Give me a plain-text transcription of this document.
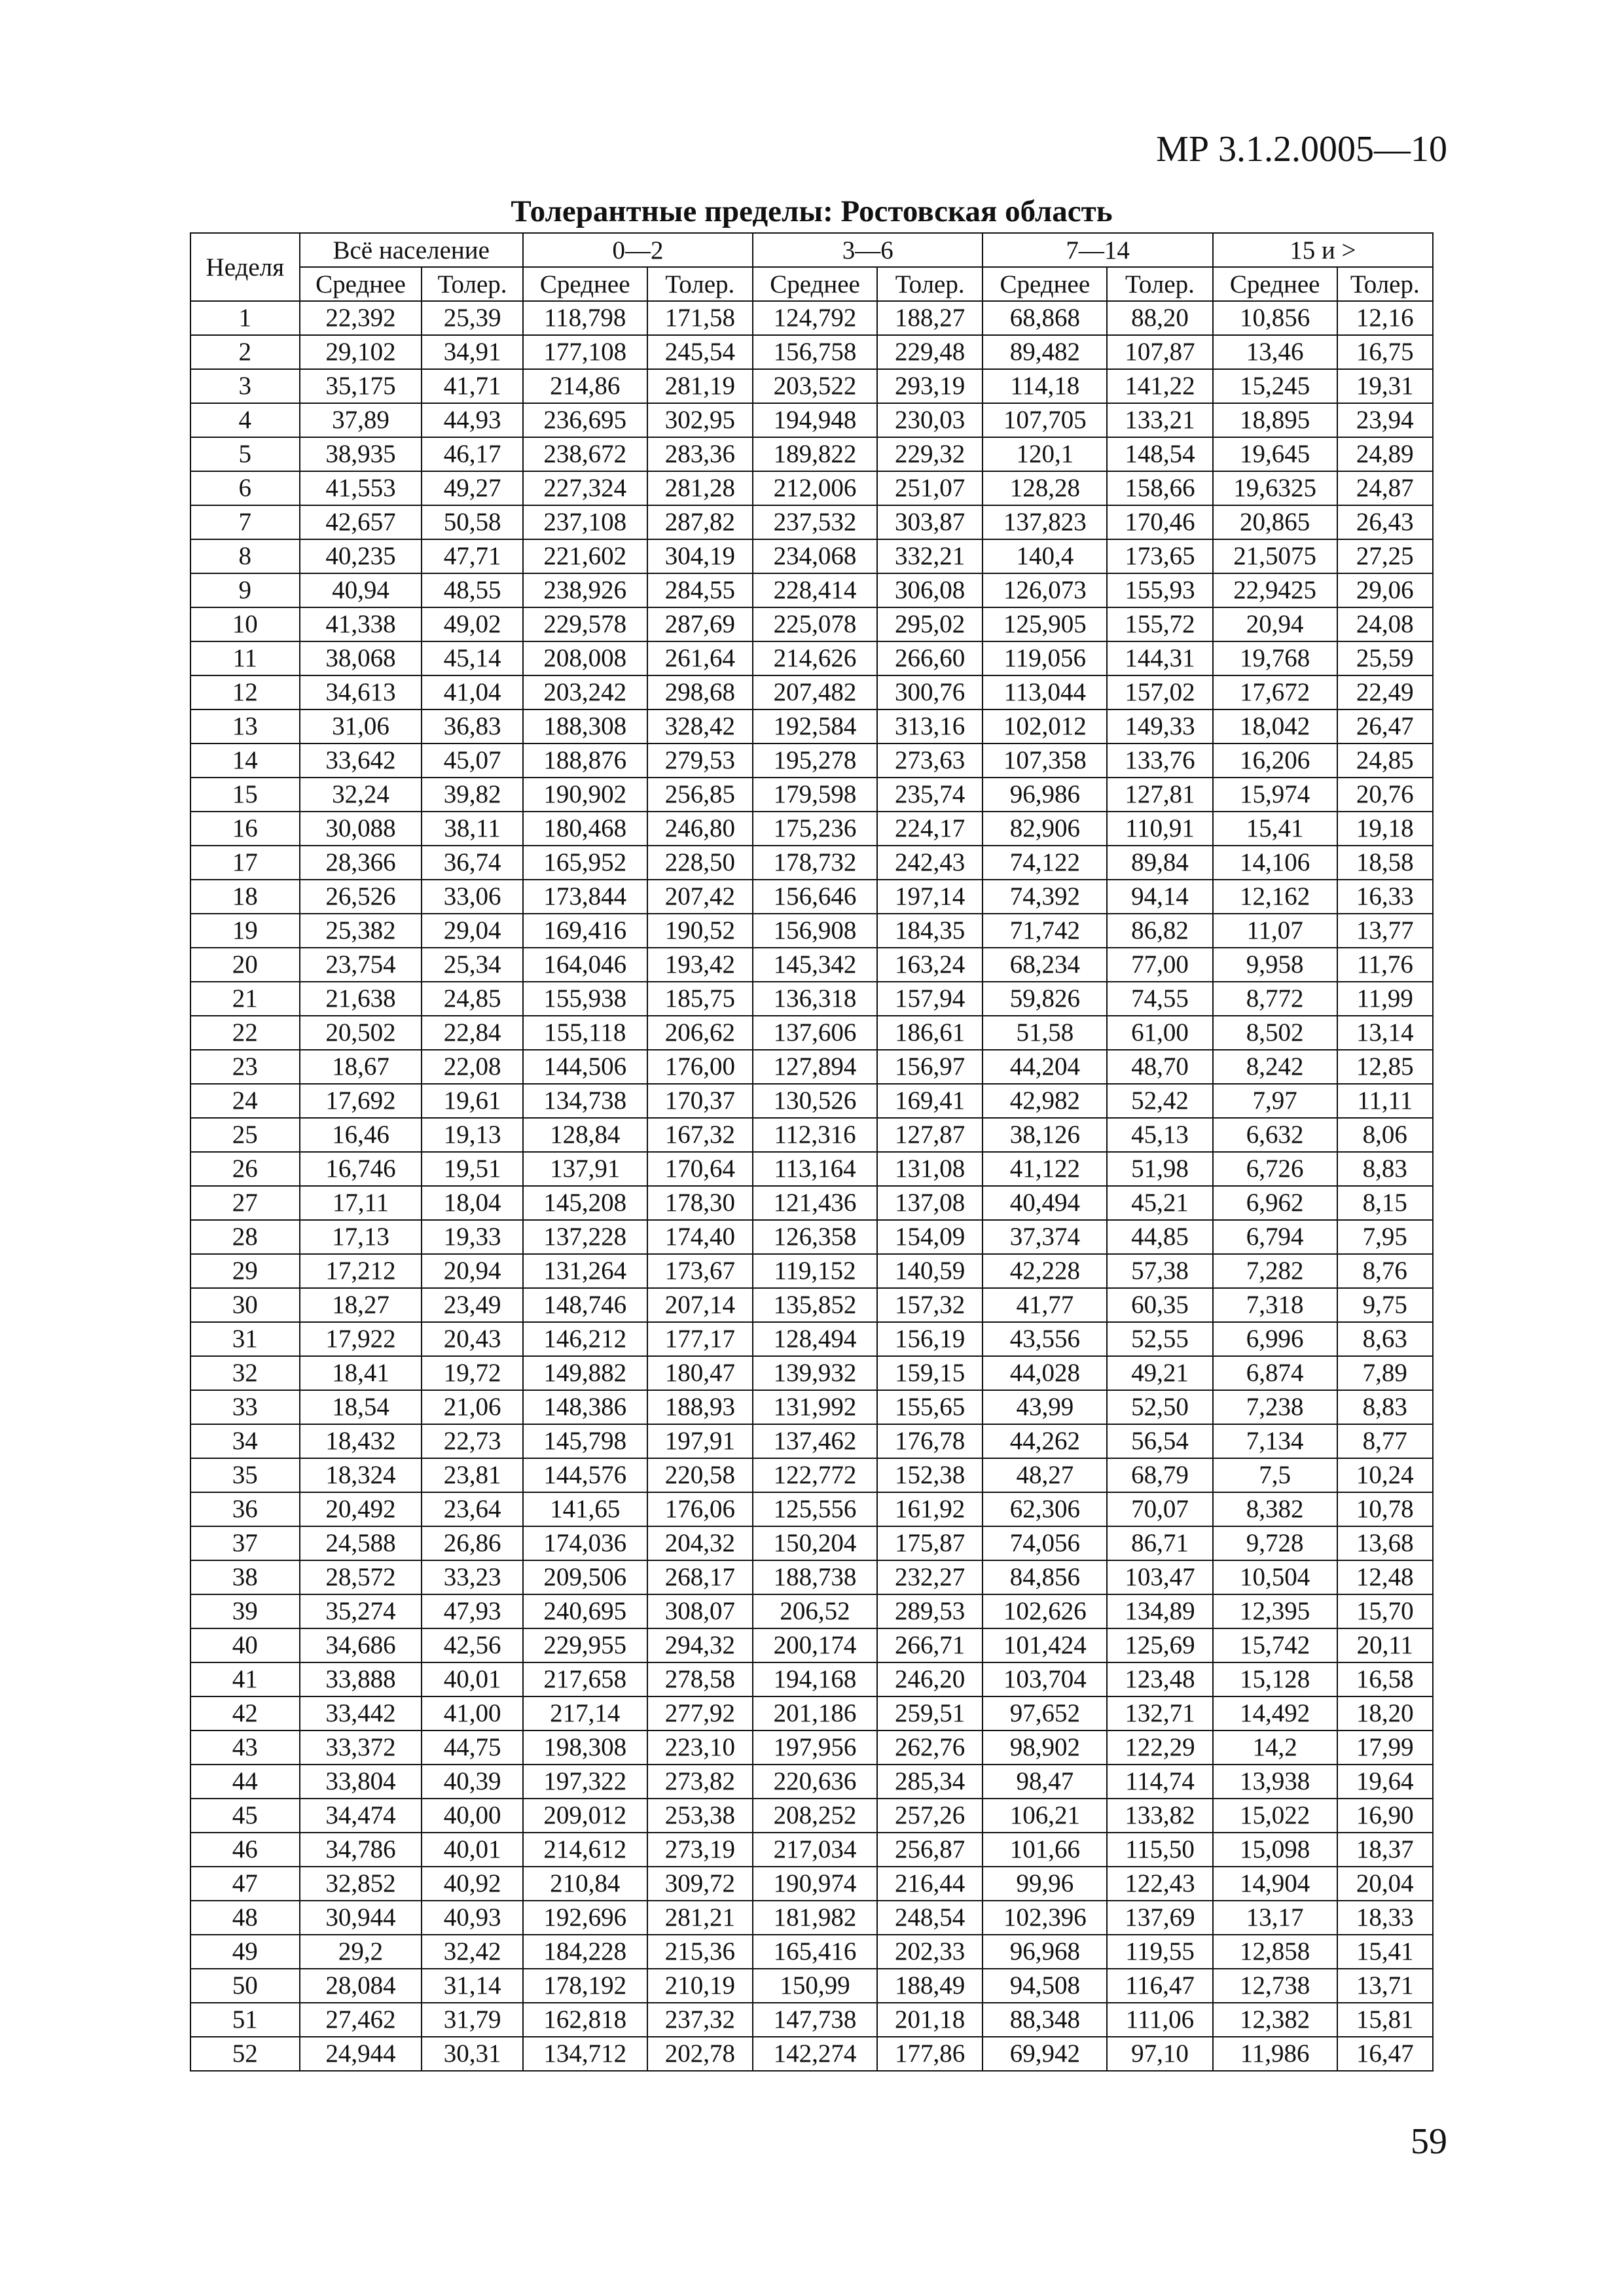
МР 3.1.2.0005—10
Толерантные пределы: Ростовская область
Неделя	Всё население		0—2		3—6		7—14		15 и >	
	Среднее	Толер.	Среднее	Толер.	Среднее	Толер.	Среднее	Толер.	Среднее	Толер.
1	22,392	25,39	118,798	171,58	124,792	188,27	68,868	88,20	10,856	12,16
2	29,102	34,91	177,108	245,54	156,758	229,48	89,482	107,87	13,46	16,75
3	35,175	41,71	214,86	281,19	203,522	293,19	114,18	141,22	15,245	19,31
4	37,89	44,93	236,695	302,95	194,948	230,03	107,705	133,21	18,895	23,94
5	38,935	46,17	238,672	283,36	189,822	229,32	120,1	148,54	19,645	24,89
6	41,553	49,27	227,324	281,28	212,006	251,07	128,28	158,66	19,6325	24,87
7	42,657	50,58	237,108	287,82	237,532	303,87	137,823	170,46	20,865	26,43
8	40,235	47,71	221,602	304,19	234,068	332,21	140,4	173,65	21,5075	27,25
9	40,94	48,55	238,926	284,55	228,414	306,08	126,073	155,93	22,9425	29,06
10	41,338	49,02	229,578	287,69	225,078	295,02	125,905	155,72	20,94	24,08
11	38,068	45,14	208,008	261,64	214,626	266,60	119,056	144,31	19,768	25,59
12	34,613	41,04	203,242	298,68	207,482	300,76	113,044	157,02	17,672	22,49
13	31,06	36,83	188,308	328,42	192,584	313,16	102,012	149,33	18,042	26,47
14	33,642	45,07	188,876	279,53	195,278	273,63	107,358	133,76	16,206	24,85
15	32,24	39,82	190,902	256,85	179,598	235,74	96,986	127,81	15,974	20,76
16	30,088	38,11	180,468	246,80	175,236	224,17	82,906	110,91	15,41	19,18
17	28,366	36,74	165,952	228,50	178,732	242,43	74,122	89,84	14,106	18,58
18	26,526	33,06	173,844	207,42	156,646	197,14	74,392	94,14	12,162	16,33
19	25,382	29,04	169,416	190,52	156,908	184,35	71,742	86,82	11,07	13,77
20	23,754	25,34	164,046	193,42	145,342	163,24	68,234	77,00	9,958	11,76
21	21,638	24,85	155,938	185,75	136,318	157,94	59,826	74,55	8,772	11,99
22	20,502	22,84	155,118	206,62	137,606	186,61	51,58	61,00	8,502	13,14
23	18,67	22,08	144,506	176,00	127,894	156,97	44,204	48,70	8,242	12,85
24	17,692	19,61	134,738	170,37	130,526	169,41	42,982	52,42	7,97	11,11
25	16,46	19,13	128,84	167,32	112,316	127,87	38,126	45,13	6,632	8,06
26	16,746	19,51	137,91	170,64	113,164	131,08	41,122	51,98	6,726	8,83
27	17,11	18,04	145,208	178,30	121,436	137,08	40,494	45,21	6,962	8,15
28	17,13	19,33	137,228	174,40	126,358	154,09	37,374	44,85	6,794	7,95
29	17,212	20,94	131,264	173,67	119,152	140,59	42,228	57,38	7,282	8,76
30	18,27	23,49	148,746	207,14	135,852	157,32	41,77	60,35	7,318	9,75
31	17,922	20,43	146,212	177,17	128,494	156,19	43,556	52,55	6,996	8,63
32	18,41	19,72	149,882	180,47	139,932	159,15	44,028	49,21	6,874	7,89
33	18,54	21,06	148,386	188,93	131,992	155,65	43,99	52,50	7,238	8,83
34	18,432	22,73	145,798	197,91	137,462	176,78	44,262	56,54	7,134	8,77
35	18,324	23,81	144,576	220,58	122,772	152,38	48,27	68,79	7,5	10,24
36	20,492	23,64	141,65	176,06	125,556	161,92	62,306	70,07	8,382	10,78
37	24,588	26,86	174,036	204,32	150,204	175,87	74,056	86,71	9,728	13,68
38	28,572	33,23	209,506	268,17	188,738	232,27	84,856	103,47	10,504	12,48
39	35,274	47,93	240,695	308,07	206,52	289,53	102,626	134,89	12,395	15,70
40	34,686	42,56	229,955	294,32	200,174	266,71	101,424	125,69	15,742	20,11
41	33,888	40,01	217,658	278,58	194,168	246,20	103,704	123,48	15,128	16,58
42	33,442	41,00	217,14	277,92	201,186	259,51	97,652	132,71	14,492	18,20
43	33,372	44,75	198,308	223,10	197,956	262,76	98,902	122,29	14,2	17,99
44	33,804	40,39	197,322	273,82	220,636	285,34	98,47	114,74	13,938	19,64
45	34,474	40,00	209,012	253,38	208,252	257,26	106,21	133,82	15,022	16,90
46	34,786	40,01	214,612	273,19	217,034	256,87	101,66	115,50	15,098	18,37
47	32,852	40,92	210,84	309,72	190,974	216,44	99,96	122,43	14,904	20,04
48	30,944	40,93	192,696	281,21	181,982	248,54	102,396	137,69	13,17	18,33
49	29,2	32,42	184,228	215,36	165,416	202,33	96,968	119,55	12,858	15,41
50	28,084	31,14	178,192	210,19	150,99	188,49	94,508	116,47	12,738	13,71
51	27,462	31,79	162,818	237,32	147,738	201,18	88,348	111,06	12,382	15,81
52	24,944	30,31	134,712	202,78	142,274	177,86	69,942	97,10	11,986	16,47
59
